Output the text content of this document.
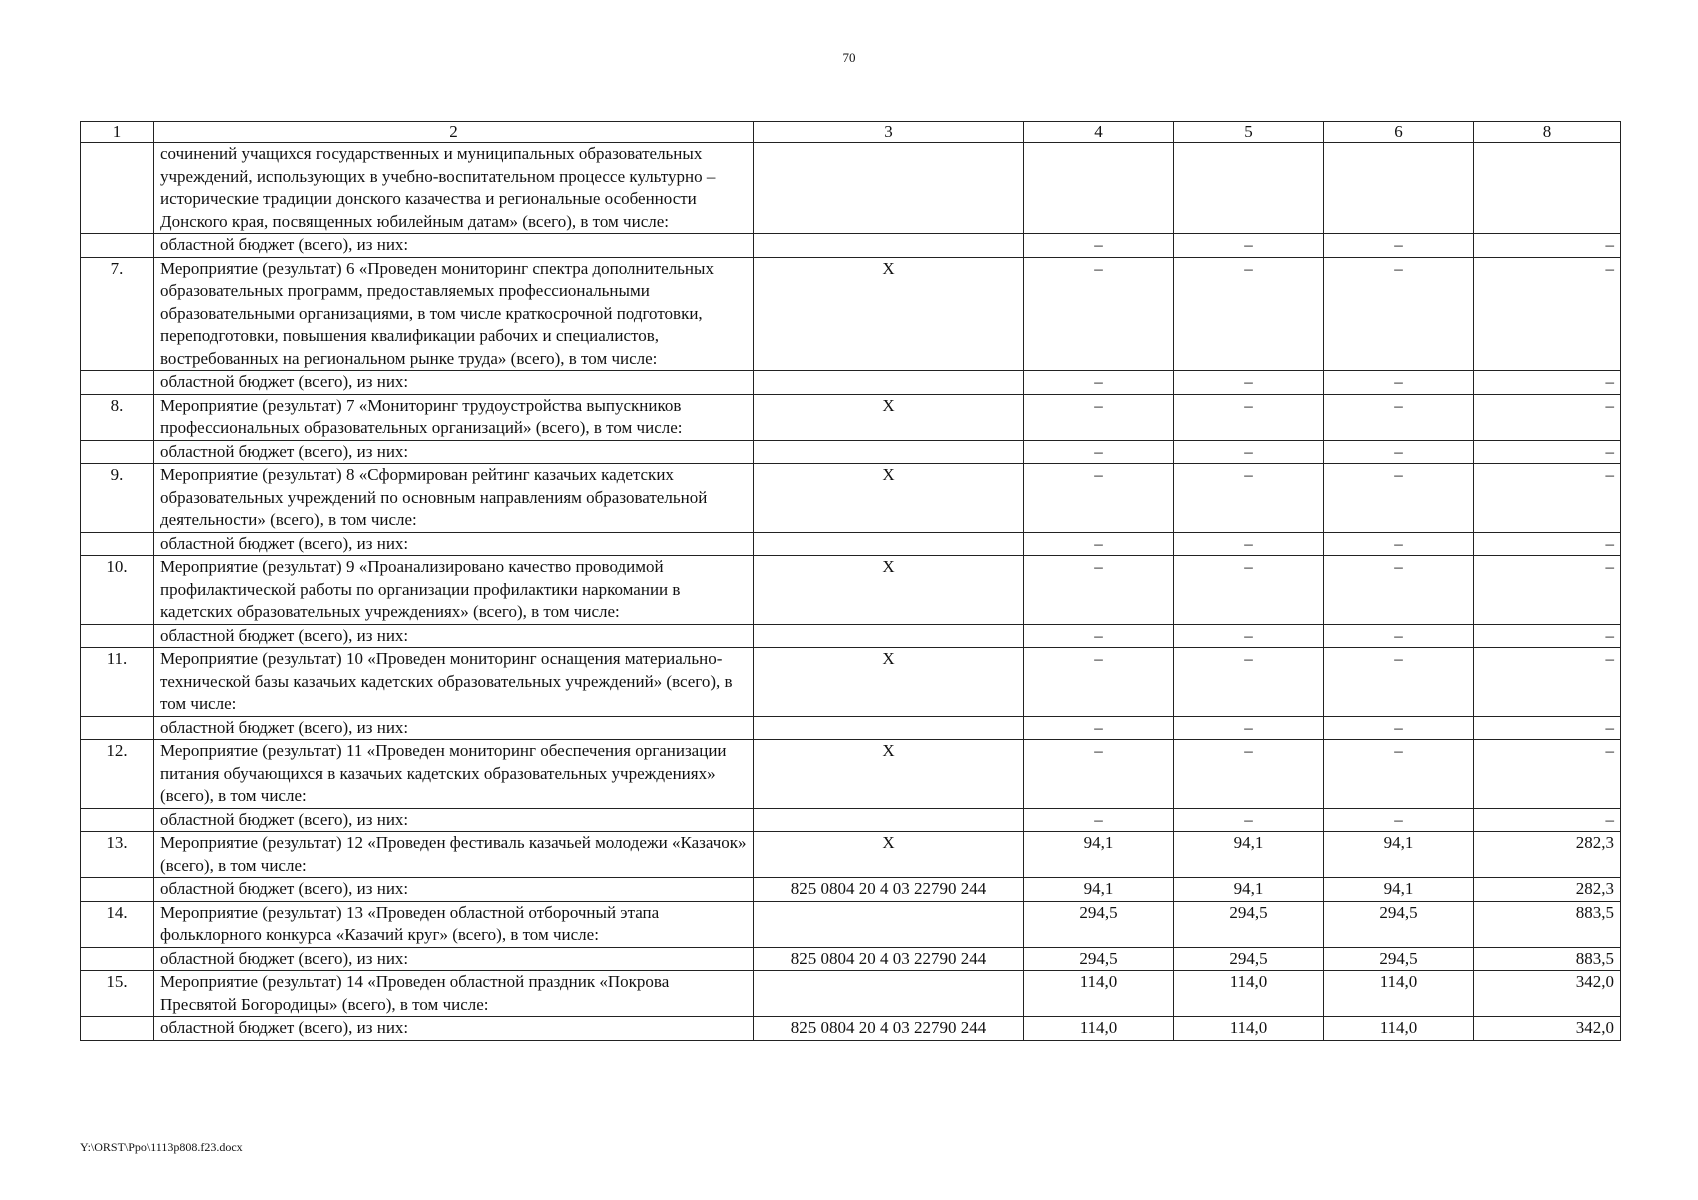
70
1	2	3	4	5	6	8
	сочинений учащихся государственных и муниципальных образовательных учреждений, использующих в учебно-воспитательном процессе культурно – исторические традиции донского казачества и региональные особенности Донского края, посвященных юбилейным датам» (всего), в том числе:					
	областной бюджет (всего), из них:		–	–	–	–
7.	Мероприятие (результат) 6 «Проведен мониторинг спектра дополнительных образовательных программ, предоставляемых профессиональными образовательными организациями, в том числе краткосрочной подготовки, переподготовки, повышения квалификации рабочих и специалистов, востребованных на региональном рынке труда» (всего), в том числе:	Х	–	–	–	–
	областной бюджет (всего), из них:		–	–	–	–
8.	Мероприятие (результат) 7 «Мониторинг трудоустройства выпускников профессиональных образовательных организаций» (всего), в том числе:	Х	–	–	–	–
	областной бюджет (всего), из них:		–	–	–	–
9.	Мероприятие (результат) 8 «Сформирован рейтинг казачьих кадетских образовательных учреждений по основным направлениям образовательной деятельности» (всего), в том числе:	Х	–	–	–	–
	областной бюджет (всего), из них:		–	–	–	–
10.	Мероприятие (результат) 9 «Проанализировано качество проводимой профилактической работы по организации профилактики наркомании в кадетских образовательных учреждениях» (всего), в том числе:	Х	–	–	–	–
	областной бюджет (всего), из них:		–	–	–	–
11.	Мероприятие (результат) 10 «Проведен мониторинг оснащения материально-технической базы казачьих кадетских образовательных учреждений» (всего), в том числе:	Х	–	–	–	–
	областной бюджет (всего), из них:		–	–	–	–
12.	Мероприятие (результат) 11 «Проведен мониторинг обеспечения организации питания обучающихся в казачьих кадетских образовательных учреждениях» (всего), в том числе:	Х	–	–	–	–
	областной бюджет (всего), из них:		–	–	–	–
13.	Мероприятие (результат) 12 «Проведен фестиваль казачьей молодежи «Казачок» (всего), в том числе:	Х	94,1	94,1	94,1	282,3
	областной бюджет (всего), из них:	825 0804 20 4 03 22790 244	94,1	94,1	94,1	282,3
14.	Мероприятие (результат) 13 «Проведен областной отборочный этапа фольклорного конкурса «Казачий круг» (всего), в том числе:		294,5	294,5	294,5	883,5
	областной бюджет (всего), из них:	825 0804 20 4 03 22790 244	294,5	294,5	294,5	883,5
15.	Мероприятие (результат) 14 «Проведен областной праздник «Покрова Пресвятой Богородицы» (всего), в том числе:		114,0	114,0	114,0	342,0
	областной бюджет (всего), из них:	825 0804 20 4 03 22790 244	114,0	114,0	114,0	342,0
Y:\ORST\Ppo\1113p808.f23.docx
